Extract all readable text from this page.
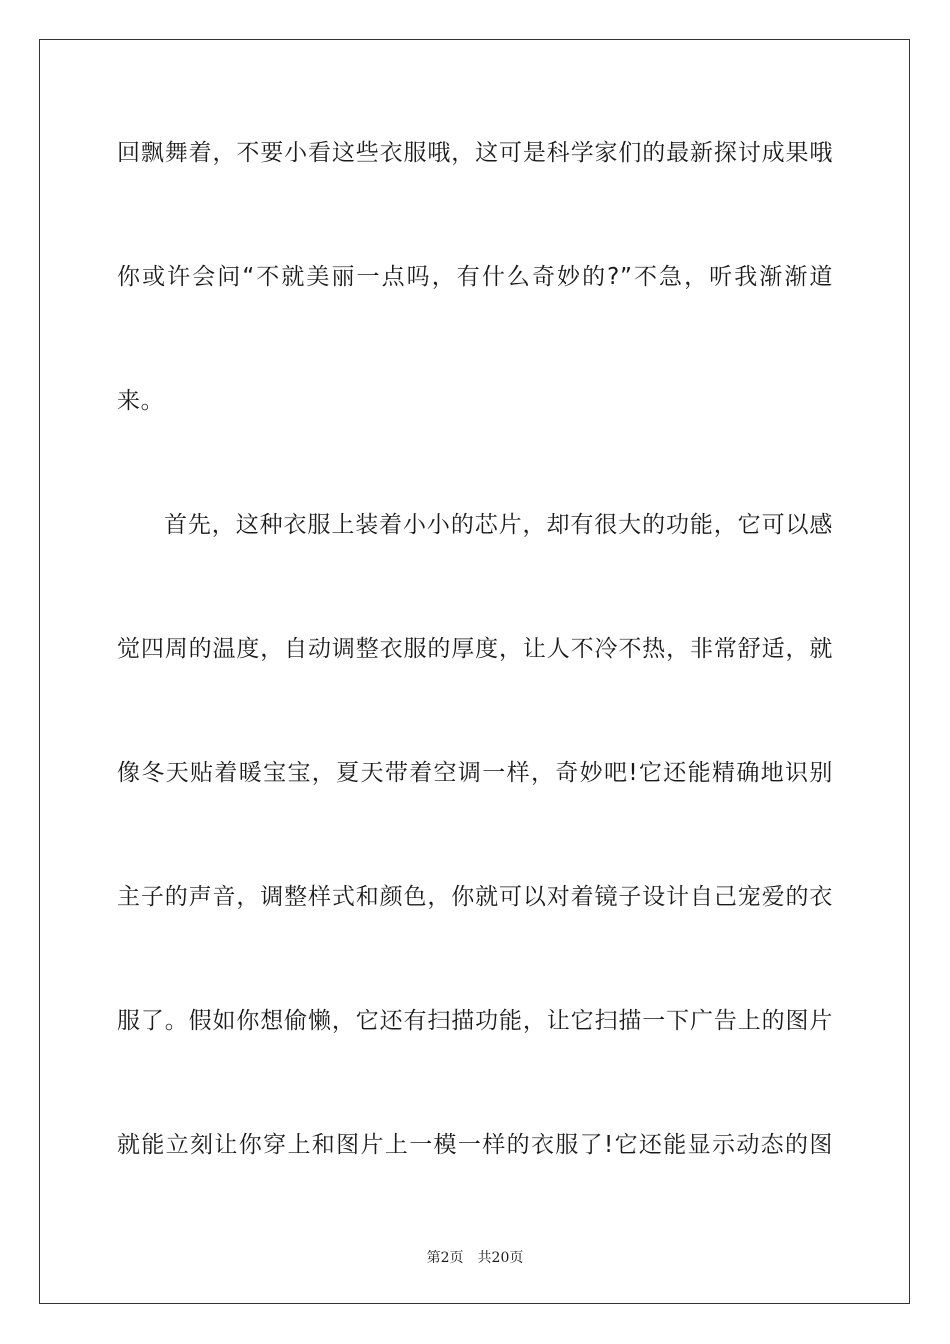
回飘舞着，不要小看这些衣服哦，这可是科学家们的最新探讨成果哦
你或许会问“不就美丽一点吗，有什么奇妙的?”不急，听我渐渐道
来。
首先，这种衣服上装着小小的芯片，却有很大的功能，它可以感
觉四周的温度，自动调整衣服的厚度，让人不冷不热，非常舒适，就
像冬天贴着暖宝宝，夏天带着空调一样，奇妙吧!它还能精确地识别
主子的声音，调整样式和颜色，你就可以对着镜子设计自己宠爱的衣
服了。假如你想偷懒，它还有扫描功能，让它扫描一下广告上的图片
就能立刻让你穿上和图片上一模一样的衣服了!它还能显示动态的图
第2页 共20页
